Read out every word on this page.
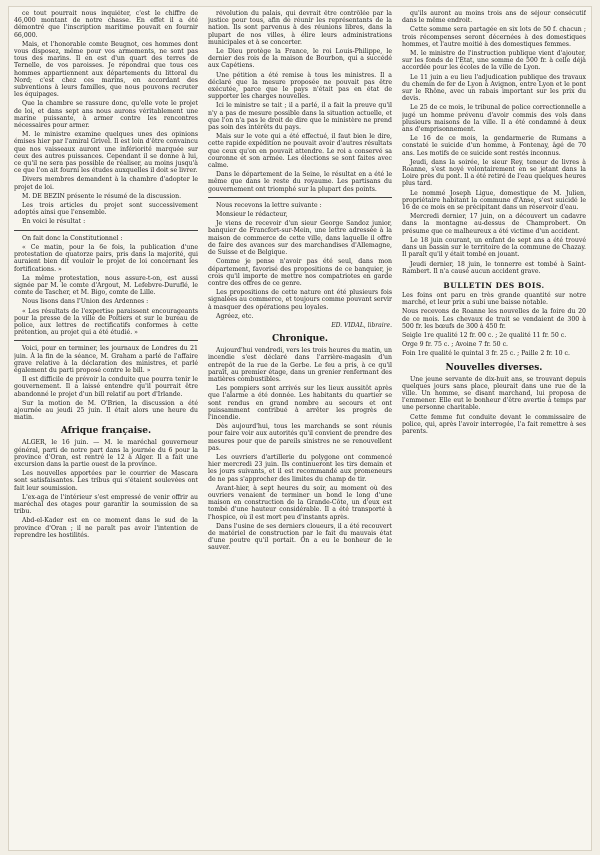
ce tout pourrait nous inquiéter, c'est le chiffre de 46,000 montant de notre chasse. En effet il a été démontré que l'inscription maritime pouvait en fournir 66,000.

Mais, et l'honorable comte Beugnot, ces hommes dont vous disposez, même pour vos armements, ne sont pas tous des marins. Il en est d'un quart des terres de Ternelle, de vos paroisses. Je répondrai que tous ces hommes appartiennent aux départements du littoral du Nord; c'est chez ces marins, en accordant des subventions à leurs familles, que nous pouvons recruter les équipages.

Que la chambre se rassure donc, qu'elle vote le projet de loi, et dans sept ans nous aurons véritablement une marine puissante, à armer contre les rencontres nécessaires pour armer.

M. le ministre examine quelques unes des opinions émises hier par l'amiral Grivel. Il est loin d'être convaincu que nos vaisseaux auront une infériorité marquée sur ceux des autres puissances. Cependant il se donne à lui, ce qu'il ne sera pas possible de réaliser, au moins jusqu'à ce que l'on ait fourni les études auxquelles il doit se livrer.

Divers membres demandent à la chambre d'adopter le projet de loi.

M. DE BEZIN présente le résumé de la discussion.

Les trois articles du projet sont successivement adoptés ainsi que l'ensemble.

En voici le résultat :

On fait donc la Constitutionnel :

« Ce matin, pour la 6e fois, la publication d'une protestation de quatorze pairs, pris dans la majorité, qui auraient bien dit vouloir le projet de loi concernant les fortifications. »

La même protestation, nous assure-t-on, est aussi signée par M. le comte d'Argout, M. Lefebvre-Duruflé, le comte de Tascher, et M. Bigo, comte de Lille.

Nous lisons dans l'Union des Ardennes :

« Les résultats de l'expertise paraissent encourageants pour la presse de la ville de Poitiers et sur le bureau de police, aux lettres de rectificatifs conformes à cette prétention, au projet qui a été étudié. »

Voici, pour en terminer, les journaux de Londres du 21 juin. À la fin de la séance, M. Graham a parlé de l'affaire grave relative à la déclaration des ministres, et parlé également du parti proposé contre le bill. »

Il est difficile de prévoir la conduite que pourra tenir le gouvernement. Il a laissé entendre qu'il pourrait être abandonné le projet d'un bill relatif au port d'Irlande.

Sur la motion de M. O'Brien, la discussion a été ajournée au jeudi 25 juin. Il était alors une heure du matin.

Afrique française.

ALGER, le 16 juin. — M. le maréchal gouverneur général, parti de notre part dans la journée du 6 pour la province d'Oran, est rentré le 12 à Alger. Il a fait une excursion dans la partie ouest de la province.

Les nouvelles apportées par le courrier de Mascara sont satisfaisantes. Les tribus qui s'étaient soulevées ont fait leur soumission.

L'ex-aga de l'intérieur s'est empressé de venir offrir au maréchal des otages pour garantir la soumission de sa tribu.

Abd-el-Kader est en ce moment dans le sud de la province d'Oran ; il ne paraît pas avoir l'intention de reprendre les hostilités.

révolution du palais, qui devrait être contrôlée par la justice pour tous, afin de réunir les représentants de la nation. Ils sont parvenus à des réunions libres, dans la plupart de nos villes, à élire leurs administrations municipales et à se concerter.

Le Dieu protège la France, le roi Louis-Philippe, le dernier des rois de la maison de Bourbon, qui a succédé aux Capétiens.

Une pétition a été remise à tous les ministres. Il a déclaré que la mesure proposée ne pouvait pas être exécutée, parce que le pays n'était pas en état de supporter les charges nouvelles.

Ici le ministre se tait ; il a parlé, il a fait la preuve qu'il n'y a pas de mesure possible dans la situation actuelle, et que l'on n'a pas le droit de dire que le ministère ne prend pas soin des intérêts du pays.

Mais sur le vote qui a été effectué, il faut bien le dire, cette rapide expédition ne pouvait avoir d'autres résultats que ceux qu'on en pouvait attendre. Le roi a conservé sa couronne et son armée. Les élections se sont faites avec calme.

Dans le département de la Seine, le résultat en a été le même que dans le reste du royaume. Les partisans du gouvernement ont triomphé sur la plupart des points.

Nous recevons la lettre suivante :

Monsieur le rédacteur,

Je viens de recevoir d'un sieur George Sandoz junior, banquier de Francfort-sur-Mein, une lettre adressée à la maison de commerce de cette ville, dans laquelle il offre de faire des avances sur des marchandises d'Allemagne, de Suisse et de Belgique.

Comme je pense n'avoir pas été seul, dans mon département, favorisé des propositions de ce banquier, je crois qu'il importe de mettre nos compatriotes en garde contre des offres de ce genre.

Les propositions de cette nature ont été plusieurs fois signalées au commerce, et toujours comme pouvant servir à masquer des opérations peu loyales.

Agréez, etc.

ED. VIDAL, libraire.
Chronique.

Aujourd'hui vendredi, vers les trois heures du matin, un incendie s'est déclaré dans l'arrière-magasin d'un entrepôt de la rue de la Gerbe. Le feu a pris, à ce qu'il paraît, au premier étage, dans un grenier renfermant des matières combustibles.

Les pompiers sont arrivés sur les lieux aussitôt après que l'alarme a été donnée. Les habitants du quartier se sont rendus en grand nombre au secours et ont puissamment contribué à arrêter les progrès de l'incendie.

Dès aujourd'hui, tous les marchands se sont réunis pour faire voir aux autorités qu'il convient de prendre des mesures pour que de pareils sinistres ne se renouvellent pas.

Les ouvriers d'artillerie du polygone ont commencé hier mercredi 23 juin. Ils continueront les tirs demain et les jours suivants, et il est recommandé aux promeneurs de ne pas s'approcher des limites du champ de tir.

Avant-hier, à sept heures du soir, au moment où des ouvriers venaient de terminer un bond le long d'une maison en construction de la Grande-Côte, un d'eux est tombé d'une hauteur considérable. Il a été transporté à l'hospice, où il est mort peu d'instants après.

Dans l'usine de ses derniers cloueurs, il a été recouvert de matériel de construction par le fait du mauvais état d'une poutre qu'il portait. On a eu le bonheur de le sauver.

qu'ils auront au moins trois ans de séjour consécutif dans le même endroit.

Cette somme sera partagée en six lots de 50 f. chacun ; trois récompenses seront décernées à des domestiques hommes, et l'autre moitié à des domestiques femmes.

M. le ministre de l'instruction publique vient d'ajouter, sur les fonds de l'État, une somme de 500 fr. à celle déjà accordée pour les écoles de la ville de Lyon.

Le 11 juin a eu lieu l'adjudication publique des travaux du chemin de fer de Lyon à Avignon, entre Lyon et le pont sur le Rhône, avec un rabais important sur les prix du devis.

Le 25 de ce mois, le tribunal de police correctionnelle a jugé un homme prévenu d'avoir commis des vols dans plusieurs maisons de la ville. Il a été condamné à deux ans d'emprisonnement.

Le 16 de ce mois, la gendarmerie de Rumans a constaté le suicide d'un homme, à Fontenay, âgé de 70 ans. Les motifs de ce suicide sont restés inconnus.

Jeudi, dans la soirée, le sieur Rey, teneur de livres à Roanne, s'est noyé volontairement en se jetant dans la Loire près du pont. Il a été retiré de l'eau quelques heures plus tard.

Le nommé Joseph Ligue, domestique de M. Julien, propriétaire habitant la commune d'Anse, s'est suicidé le 16 de ce mois en se précipitant dans un réservoir d'eau.

Mercredi dernier, 17 juin, on a découvert un cadavre dans la montagne au-dessus de Champrobert. On présume que ce malheureux a été victime d'un accident.

Le 18 juin courant, un enfant de sept ans a été trouvé dans un bassin sur le territoire de la commune de Chazay. Il paraît qu'il y était tombé en jouant.

Jeudi dernier, 18 juin, le tonnerre est tombé à Saint-Rambert. Il n'a causé aucun accident grave.

BULLETIN DES BOIS.

Les foins ont paru en très grande quantité sur notre marché, et leur prix a subi une baisse notable.

Nous recevons de Roanne les nouvelles de la foire du 20 de ce mois. Les chevaux de trait se vendaient de 300 à 500 fr. les bœufs de 300 à 450 fr.

Seigle 1re qualité 12 fr. 00 c. ; 2e qualité 11 fr. 50 c.

Orge 9 fr. 75 c. ; Avoine 7 fr. 50 c.

Foin 1re qualité le quintal 3 fr. 25 c. ; Paille 2 fr. 10 c.

Nouvelles diverses.

Une jeune servante de dix-huit ans, se trouvant depuis quelques jours sans place, pleurait dans une rue de la ville. Un homme, se disant marchand, lui proposa de l'emmener. Elle eut le bonheur d'être avertie à temps par une personne charitable.

Cette femme fut conduite devant le commissaire de police, qui, après l'avoir interrogée, l'a fait remettre à ses parents.
